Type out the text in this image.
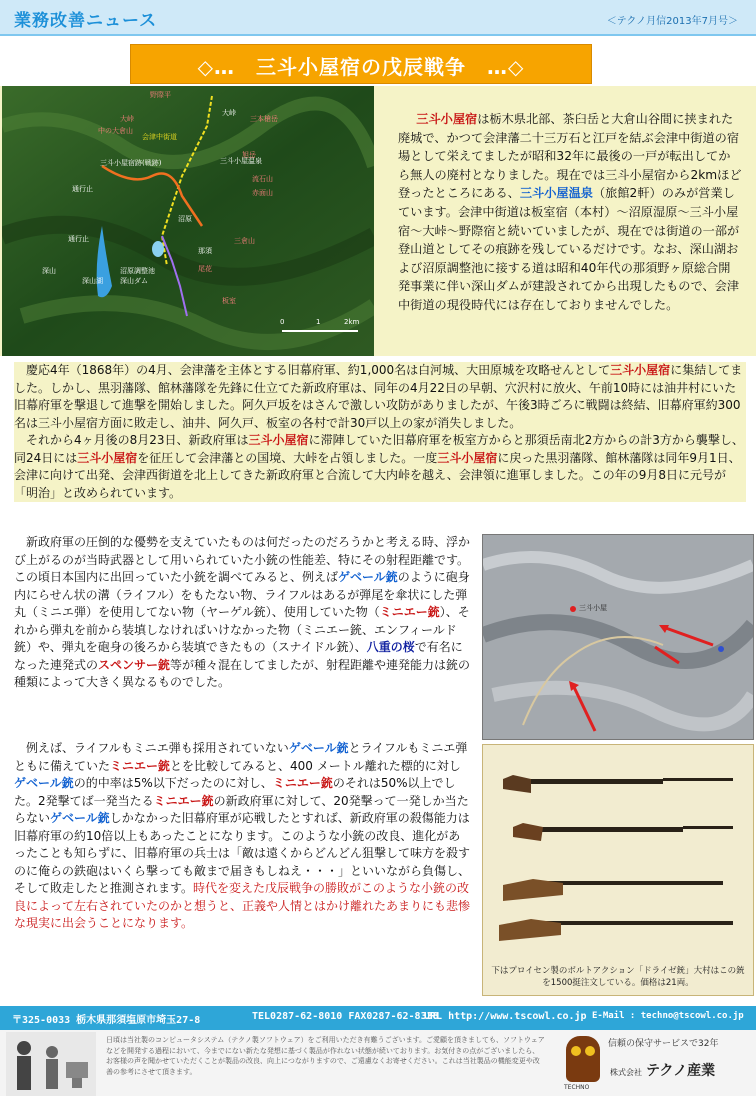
業務改善ニュース	＜テクノ月信2013年7月号＞
◇…　三斗小屋宿の戊辰戦争　…◇
野際平
大峠	三本槍岳
赤面山
会津中街道
大峠
中の大倉山
三斗小屋宿跡(戦跡)	三斗小屋温泉
旭岳
流石山
沼原
深山湖
深山	沼原調整池
板室
尾花
通行止
通行止	三倉山
深山ダム
那須
0	1	2km

三斗小屋宿は栃木県北部、茶臼岳と大倉山谷間に挟まれた廃城で、かつて会津藩二十三万石と江戸を結ぶ会津中街道の宿場として栄えてましたが昭和32年に最後の一戸が転出してから無人の廃村となりました。現在では三斗小屋宿から2kmほど登ったところにある、三斗小屋温泉（旅館2軒）のみが営業しています。会津中街道は板室宿（本村）～沼原湿原～三斗小屋宿～大峠～野際宿と続いていましたが、現在では街道の一部が登山道としてその痕跡を残しているだけです。なお、深山湖および沼原調整池に接する道は昭和40年代の那須野ヶ原総合開発事業に伴い深山ダムが建設されてから出現したもので、会津中街道の現役時代には存在しておりませんでした。

　慶応4年（1868年）の4月、会津藩を主体とする旧幕府軍、約1,000名は白河城、大田原城を攻略せんとして三斗小屋宿に集結してました。しかし、黒羽藩隊、館林藩隊を先鋒に仕立てた新政府軍は、同年の4月22日の早朝、穴沢村に放火、午前10時には油井村にいた旧幕府軍を撃退して進撃を開始しました。阿久戸坂をはさんで激しい攻防がありましたが、午後3時ごろに戦闘は終結、旧幕府軍約300名は三斗小屋宿方面に敗走し、油井、阿久戸、板室の各村で計30戸以上の家が消失しました。

　それから4ヶ月後の8月23日、新政府軍は三斗小屋宿に滞陣していた旧幕府軍を板室方からと那須岳南北2方からの計3方から襲撃し、同24日には三斗小屋宿を征圧して会津藩との国境、大峠を占領しました。一度三斗小屋宿に戻った黒羽藩隊、館林藩隊は同年9月1日、会津に向けて出発、会津西街道を北上してきた新政府軍と合流して大内峠を越え、会津領に進軍しました。この年の9月8日に元号が「明治」と改められています。

　新政府軍の圧倒的な優勢を支えていたものは何だったのだろうかと考える時、浮かび上がるのが当時武器として用いられていた小銃の性能差、特にその射程距離です。この頃日本国内に出回っていた小銃を調べてみると、例えばゲベール銃のように砲身内にらせん状の溝（ライフル）をもたない物、ライフルはあるが弾尾を傘状にした弾丸（ミニエ弾）を使用してない物（ヤーゲル銃）、使用していた物（ミニエー銃）、それから弾丸を前から装填しなければいけなかった物（ミニエー銃、エンフィールド銃）や、弾丸を砲身の後ろから装填できたもの（スナイドル銃）、八重の桜で有名になった連発式のスペンサー銃等が種々混在してましたが、射程距離や連発能力は銃の種類によって大きく異なるものでした。

　例えば、ライフルもミニエ弾も採用されていないゲベール銃とライフルもミニエ弾ともに備えていたミニエー銃とを比較してみると、400 メートル離れた標的に対しゲベール銃の的中率は5%以下だったのに対し、ミニエー銃のそれは50%以上でした。2発撃てば一発当たるミニエー銃の新政府軍に対して、20発撃って一発しか当たらないゲベール銃しかなかった旧幕府軍が応戦したとすれば、新政府軍の殺傷能力は旧幕府軍の約10倍以上もあったことになります。このような小銃の改良、進化があったことも知らずに、旧幕府軍の兵士は「敵は遠くからどんどん狙撃して味方を殺すのに俺らの鉄砲はいくら撃っても敵まで届きもしねえ・・・」といいながら負傷し、そして敗走したと推測されます。時代を変えた戊辰戦争の勝敗がこのような小銃の改良によって左右されていたのかと想うと、正義や人情とはかけ離れたあまりにも悲惨な現実に出会うことになります。

三斗小屋
下はプロイセン製のボルトアクション「ドライゼ銃」大村はこの銃を1500挺注文している。価格は21両。
〒325-0033 栃木県那須塩原市埼玉27-8	TEL0287-62-8010 FAX0287-62-8338
URL http://www.tscowl.co.jp E-Mail : techno@tscowl.co.jp
日頃は当社製のコンピュータシステム（テクノ製ソフトウェア）をご利用いただき有難うございます。ご愛顧を頂きましても、ソフトウェアなどを開発する過程において、今までにない新たな発想に基づく製品が作れない状態が続いております。お気付きの点がございましたら、お客様の声を聞かせていただくことが製品の改良、向上につながりますので、ご遠慮なくお寄せください。これは当社製品の機能変更や改善の参考にさせて頂きます。
TECHNO
信頼の保守サービスで32年
株式会社 テクノ産業
